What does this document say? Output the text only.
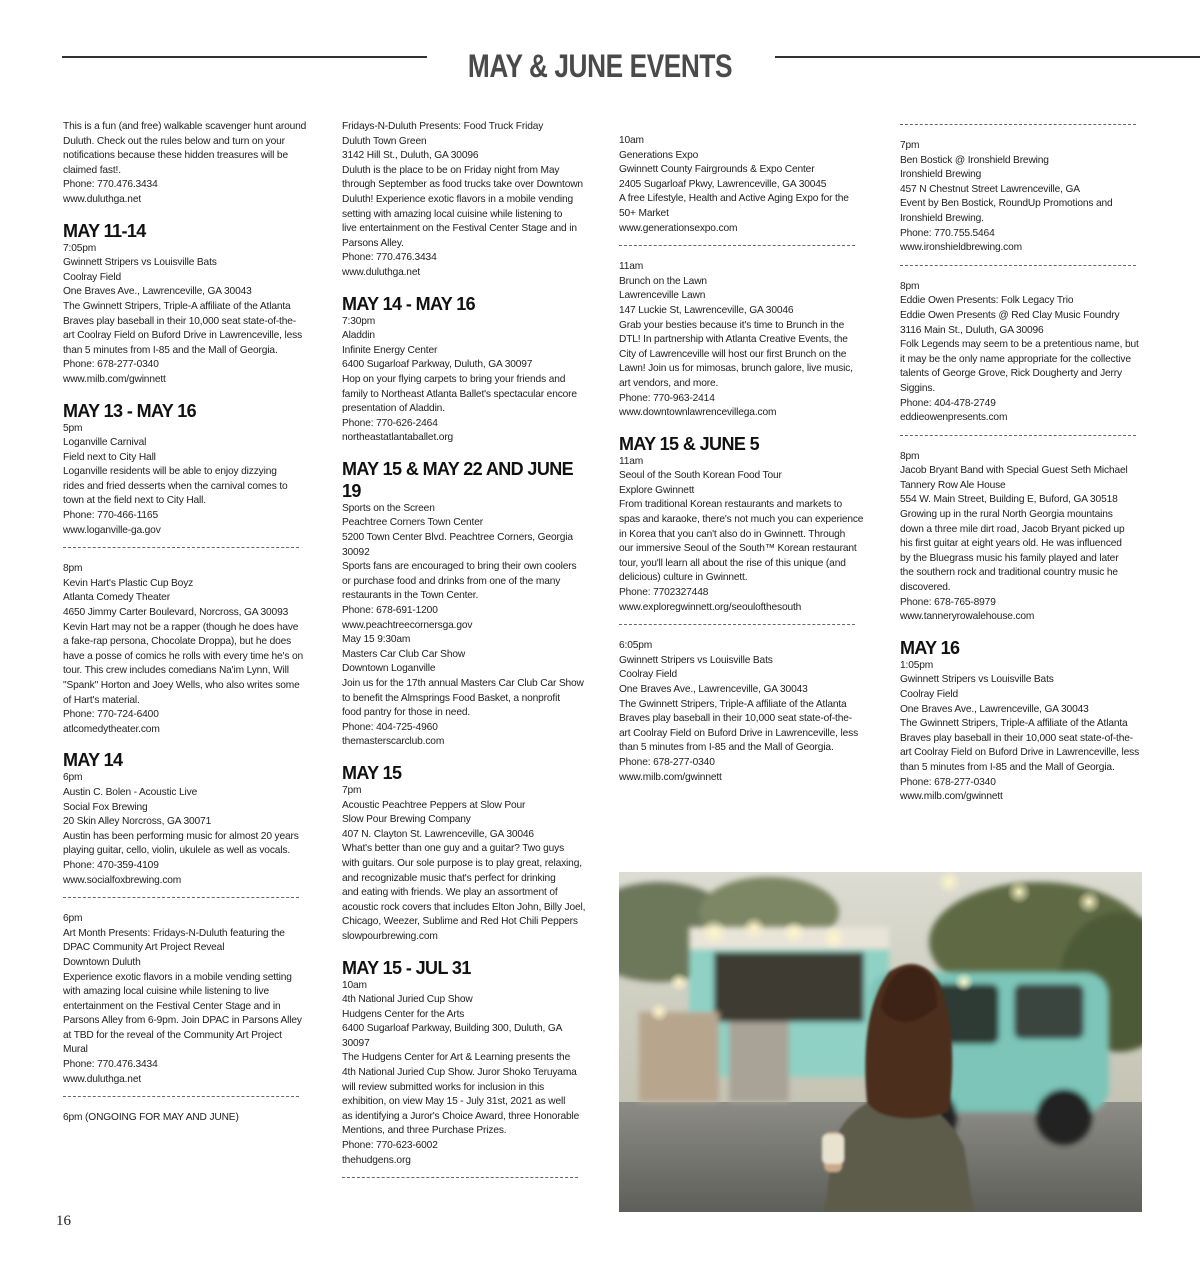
MAY & JUNE EVENTS
This is a fun (and free) walkable scavenger hunt around
Duluth. Check out the rules below and turn on your
notifications because these hidden treasures will be
claimed fast!.
Phone: 770.476.3434
www.duluthga.net
MAY 11-14
7:05pm
Gwinnett Stripers vs Louisville Bats
Coolray Field
One Braves Ave., Lawrenceville, GA 30043
The Gwinnett Stripers, Triple-A affiliate of the Atlanta
Braves play baseball in their 10,000 seat state-of-the-
art Coolray Field on Buford Drive in Lawrenceville, less
than 5 minutes from I-85 and the Mall of Georgia.
Phone: 678-277-0340
www.milb.com/gwinnett
MAY 13 - MAY 16
5pm
Loganville Carnival
Field next to City Hall
Loganville residents will be able to enjoy dizzying
rides and fried desserts when the carnival comes to
town at the field next to City Hall.
Phone: 770-466-1165
www.loganville-ga.gov
8pm
Kevin Hart's Plastic Cup Boyz
Atlanta Comedy Theater
4650 Jimmy Carter Boulevard, Norcross, GA 30093
Kevin Hart may not be a rapper (though he does have
a fake-rap persona, Chocolate Droppa), but he does
have a posse of comics he rolls with every time he's on
tour. This crew includes comedians Na'im Lynn, Will
"Spank" Horton and Joey Wells, who also writes some
of Hart's material.
Phone: 770-724-6400
atlcomedytheater.com
MAY 14
6pm
Austin C. Bolen - Acoustic Live
Social Fox Brewing
20 Skin Alley Norcross, GA 30071
Austin has been performing music for almost 20 years
playing guitar, cello, violin, ukulele as well as vocals.
Phone: 470-359-4109
www.socialfoxbrewing.com
6pm
Art Month Presents: Fridays-N-Duluth featuring the
DPAC Community Art Project Reveal
Downtown Duluth
Experience exotic flavors in a mobile vending setting
with amazing local cuisine while listening to live
entertainment on the Festival Center Stage and in
Parsons Alley from 6-9pm. Join DPAC in Parsons Alley
at TBD for the reveal of the Community Art Project
Mural
Phone: 770.476.3434
www.duluthga.net
6pm (ONGOING FOR MAY AND JUNE)
Fridays-N-Duluth Presents: Food Truck Friday
Duluth Town Green
3142 Hill St., Duluth, GA 30096
Duluth is the place to be on Friday night from May
through September as food trucks take over Downtown
Duluth! Experience exotic flavors in a mobile vending
setting with amazing local cuisine while listening to
live entertainment on the Festival Center Stage and in
Parsons Alley.
Phone: 770.476.3434
www.duluthga.net
MAY 14 - MAY 16
7:30pm
Aladdin
Infinite Energy Center
6400 Sugarloaf Parkway, Duluth, GA 30097
Hop on your flying carpets to bring your friends and
family to Northeast Atlanta Ballet's spectacular encore
presentation of Aladdin.
Phone: 770-626-2464
northeastatlantaballet.org
MAY 15 & MAY 22 AND JUNE
19
Sports on the Screen
Peachtree Corners Town Center
5200 Town Center Blvd. Peachtree Corners, Georgia
30092
Sports fans are encouraged to bring their own coolers
or purchase food and drinks from one of the many
restaurants in the Town Center.
Phone: 678-691-1200
www.peachtreecornersga.gov
May 15 9:30am
Masters Car Club Car Show
Downtown Loganville
Join us for the 17th annual Masters Car Club Car Show
to benefit the Almsprings Food Basket, a nonprofit
food pantry for those in need.
Phone: 404-725-4960
themasterscarclub.com
MAY 15
7pm
Acoustic Peachtree Peppers at Slow Pour
Slow Pour Brewing Company
407 N. Clayton St. Lawrenceville, GA 30046
What's better than one guy and a guitar? Two guys
with guitars. Our sole purpose is to play great, relaxing,
and recognizable music that's perfect for drinking
and eating with friends. We play an assortment of
acoustic rock covers that includes Elton John, Billy Joel,
Chicago, Weezer, Sublime and Red Hot Chili Peppers
slowpourbrewing.com
MAY 15 - JUL 31
10am
4th National Juried Cup Show
Hudgens Center for the Arts
6400 Sugarloaf Parkway, Building 300, Duluth, GA
30097
The Hudgens Center for Art & Learning presents the
4th National Juried Cup Show. Juror Shoko Teruyama
will review submitted works for inclusion in this
exhibition, on view May 15 - July 31st, 2021 as well
as identifying a Juror's Choice Award, three Honorable
Mentions, and three Purchase Prizes.
Phone: 770-623-6002
thehudgens.org
10am
Generations Expo
Gwinnett County Fairgrounds & Expo Center
2405 Sugarloaf Pkwy, Lawrenceville, GA 30045
A free Lifestyle, Health and Active Aging Expo for the
50+ Market
www.generationsexpo.com
11am
Brunch on the Lawn
Lawrenceville Lawn
147 Luckie St, Lawrenceville, GA 30046
Grab your besties because it's time to Brunch in the
DTL! In partnership with Atlanta Creative Events, the
City of Lawrenceville will host our first Brunch on the
Lawn! Join us for mimosas, brunch galore, live music,
art vendors, and more.
Phone: 770-963-2414
www.downtownlawrencevillega.com
MAY 15 & JUNE 5
11am
Seoul of the South Korean Food Tour
Explore Gwinnett
From traditional Korean restaurants and markets to
spas and karaoke, there's not much you can experience
in Korea that you can't also do in Gwinnett. Through
our immersive Seoul of the South™ Korean restaurant
tour, you'll learn all about the rise of this unique (and
delicious) culture in Gwinnett.
Phone: 7702327448
www.exploregwinnett.org/seoulofthesouth
6:05pm
Gwinnett Stripers vs Louisville Bats
Coolray Field
One Braves Ave., Lawrenceville, GA 30043
The Gwinnett Stripers, Triple-A affiliate of the Atlanta
Braves play baseball in their 10,000 seat state-of-the-
art Coolray Field on Buford Drive in Lawrenceville, less
than 5 minutes from I-85 and the Mall of Georgia.
Phone: 678-277-0340
www.milb.com/gwinnett
7pm
Ben Bostick @ Ironshield Brewing
Ironshield Brewing
457 N Chestnut Street Lawrenceville, GA
Event by Ben Bostick, RoundUp Promotions and
Ironshield Brewing.
Phone: 770.755.5464
www.ironshieldbrewing.com
8pm
Eddie Owen Presents: Folk Legacy Trio
Eddie Owen Presents @ Red Clay Music Foundry
3116 Main St., Duluth, GA 30096
Folk Legends may seem to be a pretentious name, but
it may be the only name appropriate for the collective
talents of George Grove, Rick Dougherty and Jerry
Siggins.
Phone: 404-478-2749
eddieowenpresents.com
8pm
Jacob Bryant Band with Special Guest Seth Michael
Tannery Row Ale House
554 W. Main Street, Building E, Buford, GA 30518
Growing up in the rural North Georgia mountains
down a three mile dirt road, Jacob Bryant picked up
his first guitar at eight years old. He was influenced
by the Bluegrass music his family played and later
the southern rock and traditional country music he
discovered.
Phone: 678-765-8979
www.tanneryrowalehouse.com
MAY 16
1:05pm
Gwinnett Stripers vs Louisville Bats
Coolray Field
One Braves Ave., Lawrenceville, GA 30043
The Gwinnett Stripers, Triple-A affiliate of the Atlanta
Braves play baseball in their 10,000 seat state-of-the-
art Coolray Field on Buford Drive in Lawrenceville, less
than 5 minutes from I-85 and the Mall of Georgia.
Phone: 678-277-0340
www.milb.com/gwinnett
16
